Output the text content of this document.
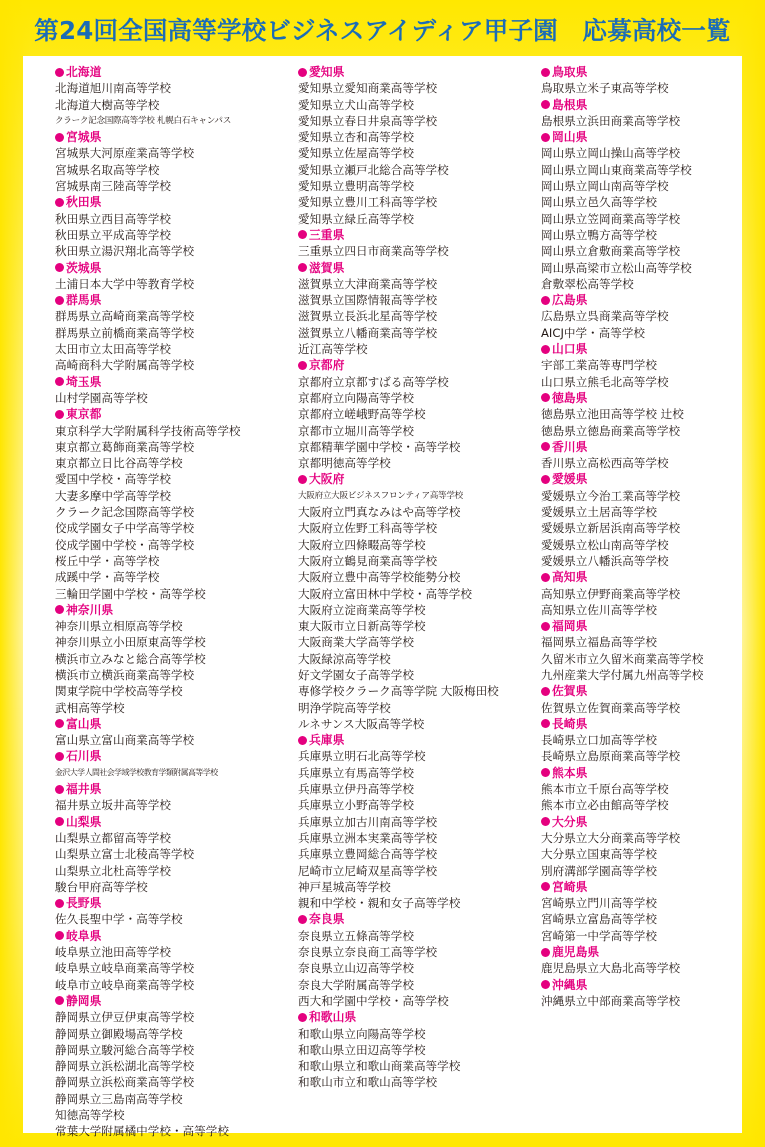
第24回全国高等学校ビジネスアイディア甲子園　応募高校一覧
北海道
北海道旭川南高等学校
北海道大樹高等学校
クラーク記念国際高等学校 札幌白石キャンパス
宮城県
宮城県大河原産業高等学校
宮城県名取高等学校
宮城県南三陸高等学校
秋田県
秋田県立西目高等学校
秋田県立平成高等学校
秋田県立湯沢翔北高等学校
茨城県
土浦日本大学中等教育学校
群馬県
群馬県立高崎商業高等学校
群馬県立前橋商業高等学校
太田市立太田高等学校
高崎商科大学附属高等学校
埼玉県
山村学園高等学校
東京都
東京科学大学附属科学技術高等学校
東京都立葛飾商業高等学校
東京都立日比谷高等学校
愛国中学校・高等学校
大妻多摩中学高等学校
クラーク記念国際高等学校
佼成学園女子中学高等学校
佼成学園中学校・高等学校
桜丘中学・高等学校
成蹊中学・高等学校
三輪田学園中学校・高等学校
神奈川県
神奈川県立相原高等学校
神奈川県立小田原東高等学校
横浜市立みなと総合高等学校
横浜市立横浜商業高等学校
関東学院中学校高等学校
武相高等学校
富山県
富山県立富山商業高等学校
石川県
金沢大学人間社会学域学校教育学類附属高等学校
福井県
福井県立坂井高等学校
山梨県
山梨県立都留高等学校
山梨県立富士北稜高等学校
山梨県立北杜高等学校
駿台甲府高等学校
長野県
佐久長聖中学・高等学校
岐阜県
岐阜県立池田高等学校
岐阜県立岐阜商業高等学校
岐阜市立岐阜商業高等学校
静岡県
静岡県立伊豆伊東高等学校
静岡県立御殿場高等学校
静岡県立駿河総合高等学校
静岡県立浜松湖北高等学校
静岡県立浜松商業高等学校
静岡県立三島南高等学校
知徳高等学校
常葉大学附属橘中学校・高等学校
愛知県
愛知県立愛知商業高等学校
愛知県立犬山高等学校
愛知県立春日井泉高等学校
愛知県立杏和高等学校
愛知県立佐屋高等学校
愛知県立瀬戸北総合高等学校
愛知県立豊明高等学校
愛知県立豊川工科高等学校
愛知県立緑丘高等学校
三重県
三重県立四日市商業高等学校
滋賀県
滋賀県立大津商業高等学校
滋賀県立国際情報高等学校
滋賀県立長浜北星高等学校
滋賀県立八幡商業高等学校
近江高等学校
京都府
京都府立京都すばる高等学校
京都府立向陽高等学校
京都府立嵯峨野高等学校
京都市立堀川高等学校
京都精華学園中学校・高等学校
京都明徳高等学校
大阪府
大阪府立大阪ビジネスフロンティア高等学校
大阪府立門真なみはや高等学校
大阪府立佐野工科高等学校
大阪府立四條畷高等学校
大阪府立鶴見商業高等学校
大阪府立豊中高等学校能勢分校
大阪府立富田林中学校・高等学校
大阪府立淀商業高等学校
東大阪市立日新高等学校
大阪商業大学高等学校
大阪緑涼高等学校
好文学園女子高等学校
専修学校クラーク高等学院 大阪梅田校
明浄学院高等学校
ルネサンス大阪高等学校
兵庫県
兵庫県立明石北高等学校
兵庫県立有馬高等学校
兵庫県立伊丹高等学校
兵庫県立小野高等学校
兵庫県立加古川南高等学校
兵庫県立洲本実業高等学校
兵庫県立豊岡総合高等学校
尼崎市立尼崎双星高等学校
神戸星城高等学校
親和中学校・親和女子高等学校
奈良県
奈良県立五條高等学校
奈良県立奈良商工高等学校
奈良県立山辺高等学校
奈良大学附属高等学校
西大和学園中学校・高等学校
和歌山県
和歌山県立向陽高等学校
和歌山県立田辺高等学校
和歌山県立和歌山商業高等学校
和歌山市立和歌山高等学校
鳥取県
鳥取県立米子東高等学校
島根県
島根県立浜田商業高等学校
岡山県
岡山県立岡山操山高等学校
岡山県立岡山東商業高等学校
岡山県立岡山南高等学校
岡山県立邑久高等学校
岡山県立笠岡商業高等学校
岡山県立鴨方高等学校
岡山県立倉敷商業高等学校
岡山県高梁市立松山高等学校
倉敷翠松高等学校
広島県
広島県立呉商業高等学校
AICJ中学・高等学校
山口県
宇部工業高等専門学校
山口県立熊毛北高等学校
徳島県
徳島県立池田高等学校 辻校
徳島県立徳島商業高等学校
香川県
香川県立高松西高等学校
愛媛県
愛媛県立今治工業高等学校
愛媛県立土居高等学校
愛媛県立新居浜南高等学校
愛媛県立松山南高等学校
愛媛県立八幡浜高等学校
高知県
高知県立伊野商業高等学校
高知県立佐川高等学校
福岡県
福岡県立福島高等学校
久留米市立久留米商業高等学校
九州産業大学付属九州高等学校
佐賀県
佐賀県立佐賀商業高等学校
長崎県
長崎県立口加高等学校
長崎県立島原商業高等学校
熊本県
熊本市立千原台高等学校
熊本市立必由館高等学校
大分県
大分県立大分商業高等学校
大分県立国東高等学校
別府溝部学園高等学校
宮崎県
宮崎県立門川高等学校
宮崎県立富島高等学校
宮崎第一中学高等学校
鹿児島県
鹿児島県立大島北高等学校
沖縄県
沖縄県立中部商業高等学校
